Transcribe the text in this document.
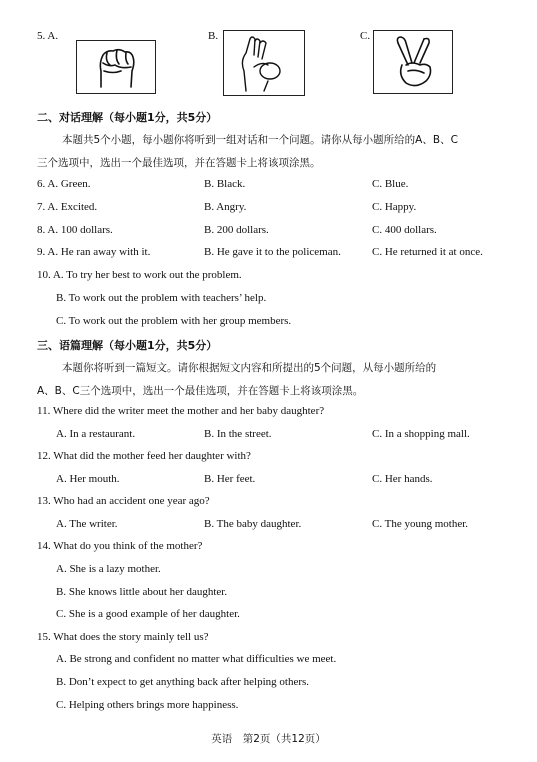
5. A.	B.	C.
二、对话理解（每小题1分，共5分）
本题共5个小题，每小题你将听到一组对话和一个问题。请你从每小题所给的A、B、C
三个选项中，选出一个最佳选项，并在答题卡上将该项涂黑。
6. A. Green.	B. Black.	C. Blue.
7. A. Excited.	B. Angry.	C. Happy.
8. A. 100 dollars.	B. 200 dollars.	C. 400 dollars.
9. A. He ran away with it.	B. He gave it to the policeman.	C. He returned it at once.
10. A. To try her best to work out the problem.
B. To work out the problem with teachers’ help.
C. To work out the problem with her group members.
三、语篇理解（每小题1分，共5分）
本题你将听到一篇短文。请你根据短文内容和所提出的5个问题，从每小题所给的
A、B、C三个选项中，选出一个最佳选项，并在答题卡上将该项涂黑。
11. Where did the writer meet the mother and her baby daughter?
A. In a restaurant.	B. In the street.	C. In a shopping mall.
12. What did the mother feed her daughter with?
A. Her mouth.	B. Her feet.	C. Her hands.
13. Who had an accident one year ago?
A. The writer.	B. The baby daughter.	C. The young mother.
14. What do you think of the mother?
A. She is a lazy mother.
B. She knows little about her daughter.
C. She is a good example of her daughter.
15. What does the story mainly tell us?
A. Be strong and confident no matter what difficulties we meet.
B. Don’t expect to get anything back after helping others.
C. Helping others brings more happiness.
英语　第2页（共12页）
